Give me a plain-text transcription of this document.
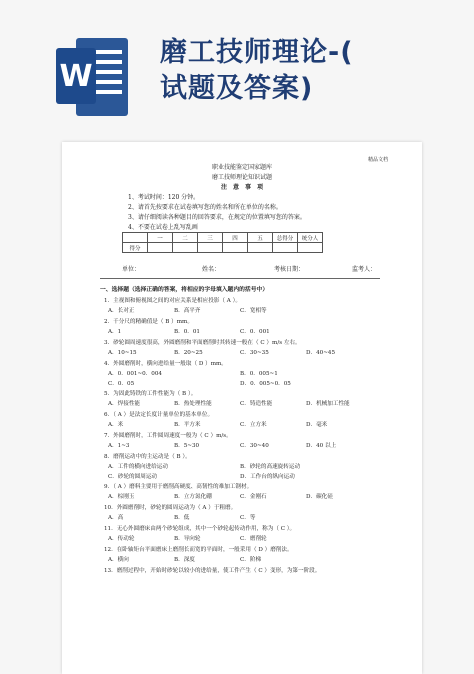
W
磨工技师理论-(
试题及答案)
精品文档
职业技能鉴定国家题库
磨工技师理论知识试题
注　意　事　项
1、考试时间：120 分钟。
2、请首先按要求在试卷填写您的姓名和所在单位的名称。
3、请仔细阅读各种题目的回答要求，在规定的位置填写您的答案。
4、不要在试卷上乱写乱画
	一	二	三	四	五	总得分	统分人
得分							
单位：	姓名：	考核日期：	监考人：
一、选择题（选择正确的答案，将相应的字母填入题内的括号中）
1．主视图和俯视图之间的对应关系是相应投影（ A ）。
A．长对正	B．高平齐	C．宽相等
2．千分尺的精确值是（ B ）mm。
A．1	B．0．01	C．0．001
3．砂轮圆周速度很高，外圆磨削和平面磨削时其转速一般在（ C ）m/s 左右。
A．10~15	B．20~25	C．30~35	D．40~45
4．外圆磨削时，横向进给量一般取（ D ）mm。
A．0．001~0．004	B．0．005~1
C．0．05	D．0．005~0．05
5．为固此铸铁的工件性能为（ B ）。
A．焊接性能	B．热处理性能	C．铸造性能	D．机械加工性能
6．（ A ）是法定长度计量单位的基本单位。
A．米	B．平方米	C．立方米	D．毫米
7．外圆磨削时，工件圆周速度一般为（ C ）m/s。
A．1~3	B．5~30	C．30~40	D．40 以上
8．磨削运动中的主运动是（ B ）。
A．工件的横向进给运动	B．砂轮的高速旋转运动
C．砂轮的圆周运动	D．工作台的纵向运动
9．（ A ）磨料主要用于磨削高硬度、高韧性的难加工钢材。
A．棕刚玉	B．立方氮化硼	C．金刚石	D．碳化硅
10．外圆磨削时，砂轮的圆周运动为（ A ）于粗磨。
A．高	B．低	C．等
11．无心外圆磨床由两个砂轮组成，其中一个砂轮起传动作用，称为（ C ）。
A．传动轮	B．导向轮	C．磨削轮
12．在卧轴矩台平面磨床上磨削长而宽的平面时，一般采用（ D ）磨削法。
A．横向	B．深度	C．阶梯
13．磨削过程中，开始时砂轮以较小的进给量，使工件产生（ C ）变形，为第一阶段。
